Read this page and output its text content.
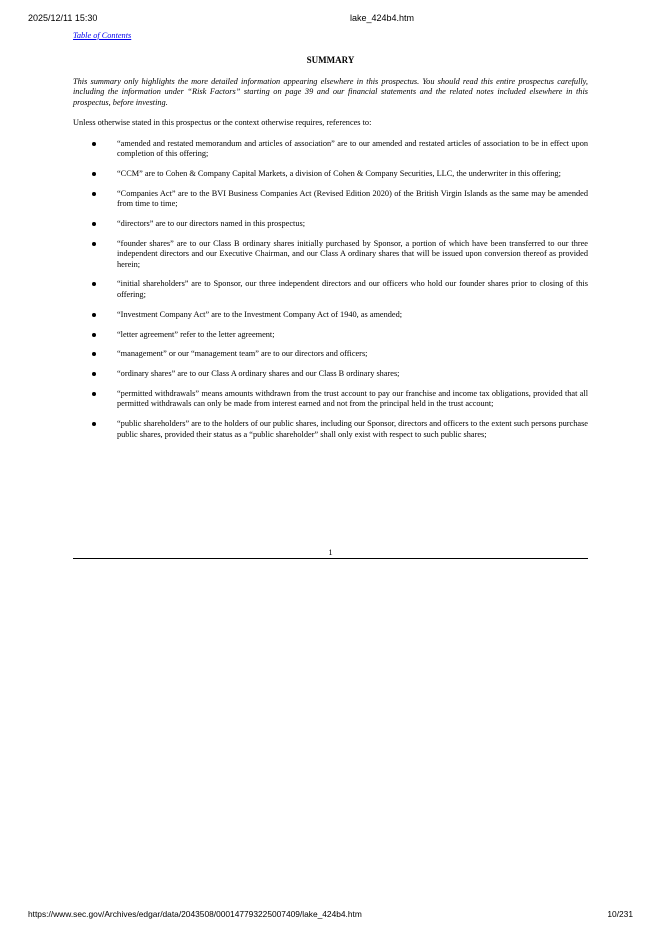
2025/12/11 15:30	lake_424b4.htm
Table of Contents
SUMMARY

This summary only highlights the more detailed information appearing elsewhere in this prospectus. You should read this entire prospectus carefully, including the information under “Risk Factors” starting on page 39 and our financial statements and the related notes included elsewhere in this prospectus, before investing.

Unless otherwise stated in this prospectus or the context otherwise requires, references to:

“amended and restated memorandum and articles of association” are to our amended and restated articles of association to be in effect upon completion of this offering;
“CCM” are to Cohen & Company Capital Markets, a division of Cohen & Company Securities, LLC, the underwriter in this offering;
“Companies Act” are to the BVI Business Companies Act (Revised Edition 2020) of the British Virgin Islands as the same may be amended from time to time;
“directors” are to our directors named in this prospectus;
“founder shares” are to our Class B ordinary shares initially purchased by Sponsor, a portion of which have been transferred to our three independent directors and our Executive Chairman, and our Class A ordinary shares that will be issued upon conversion thereof as provided herein;
“initial shareholders” are to Sponsor, our three independent directors and our officers who hold our founder shares prior to closing of this offering;
“Investment Company Act” are to the Investment Company Act of 1940, as amended;
“letter agreement” refer to the letter agreement;
“management” or our “management team” are to our directors and officers;
“ordinary shares” are to our Class A ordinary shares and our Class B ordinary shares;
“permitted withdrawals” means amounts withdrawn from the trust account to pay our franchise and income tax obligations, provided that all permitted withdrawals can only be made from interest earned and not from the principal held in the trust account;
“public shareholders” are to the holders of our public shares, including our Sponsor, directors and officers to the extent such persons purchase public shares, provided their status as a “public shareholder” shall only exist with respect to such public shares;
1
https://www.sec.gov/Archives/edgar/data/2043508/000147793225007409/lake_424b4.htm	10/231
